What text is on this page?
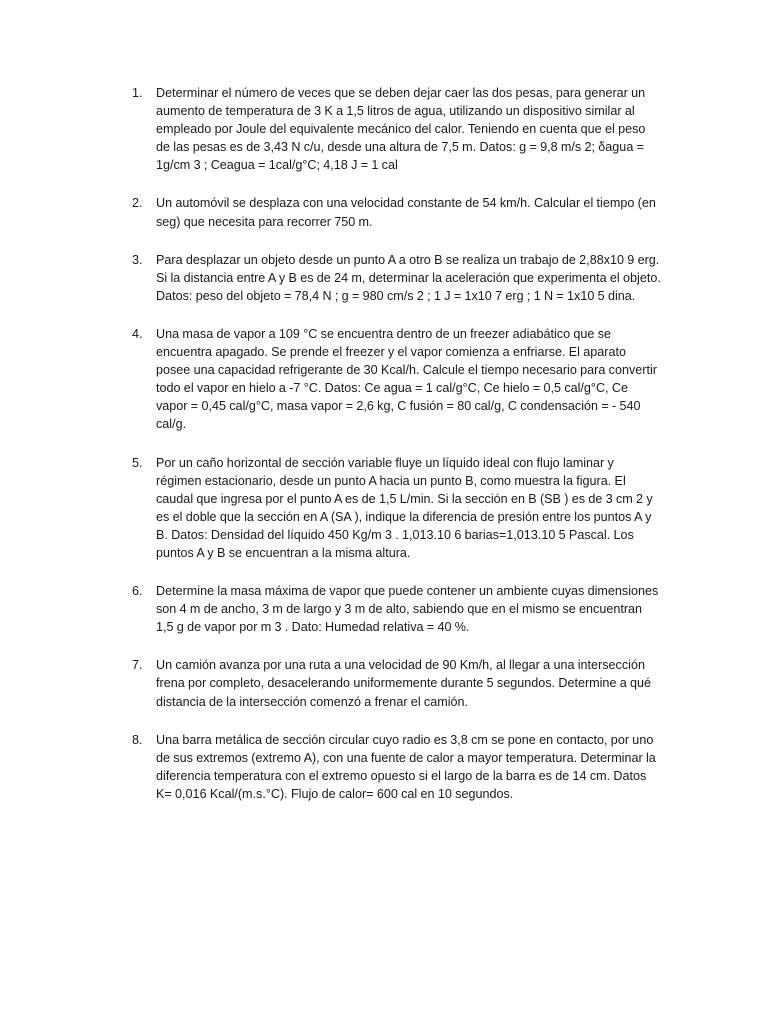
1.	Determinar el número de veces que se deben dejar caer las dos pesas, para generar un aumento de temperatura de 3 K a 1,5 litros de agua, utilizando un dispositivo similar al empleado por Joule del equivalente mecánico del calor. Teniendo en cuenta que el peso de las pesas es de 3,43 N c/u, desde una altura de 7,5 m. Datos: g = 9,8 m/s 2; δagua = 1g/cm 3 ; Ceagua = 1cal/g°C; 4,18 J = 1 cal
2.	Un automóvil se desplaza con una velocidad constante de 54 km/h. Calcular el tiempo (en seg) que necesita para recorrer 750 m.
3.	Para desplazar un objeto desde un punto A a otro B se realiza un trabajo de 2,88x10 9 erg. Si la distancia entre A y B es de 24 m, determinar la aceleración que experimenta el objeto. Datos: peso del objeto = 78,4 N ; g = 980 cm/s 2 ; 1 J = 1x10 7 erg ; 1 N = 1x10 5 dina.
4.	Una masa de vapor a 109 °C se encuentra dentro de un freezer adiabático que se encuentra apagado. Se prende el freezer y el vapor comienza a enfriarse. El aparato posee una capacidad refrigerante de 30 Kcal/h. Calcule el tiempo necesario para convertir todo el vapor en hielo a -7 °C. Datos: Ce agua = 1 cal/g°C, Ce hielo = 0,5 cal/g°C, Ce vapor = 0,45 cal/g°C, masa vapor = 2,6 kg, C fusión = 80 cal/g, C condensación = - 540 cal/g.
5.	Por un caño horizontal de sección variable fluye un líquido ideal con flujo laminar y régimen estacionario, desde un punto A hacia un punto B, como muestra la figura. El caudal que ingresa por el punto A es de 1,5 L/min. Si la sección en B (SB ) es de 3 cm 2 y es el doble que la sección en A (SA ), indique la diferencia de presión entre los puntos A y B. Datos: Densidad del líquido 450 Kg/m 3 . 1,013.10 6 barias=1,013.10 5 Pascal. Los puntos A y B se encuentran a la misma altura.
6.	Determine la masa máxima de vapor que puede contener un ambiente cuyas dimensiones son 4 m de ancho, 3 m de largo y 3 m de alto, sabiendo que en el mismo se encuentran 1,5 g de vapor por m 3 . Dato: Humedad relativa = 40 %.
7.	Un camión avanza por una ruta a una velocidad de 90 Km/h, al llegar a una intersección frena por completo, desacelerando uniformemente durante 5 segundos. Determine a qué distancia de la intersección comenzó a frenar el camión.
8.	Una barra metálica de sección circular cuyo radio es 3,8 cm se pone en contacto, por uno de sus extremos (extremo A), con una fuente de calor a mayor temperatura. Determinar la diferencia temperatura con el extremo opuesto si el largo de la barra es de 14 cm. Datos K= 0,016 Kcal/(m.s.°C). Flujo de calor= 600 cal en 10 segundos.
